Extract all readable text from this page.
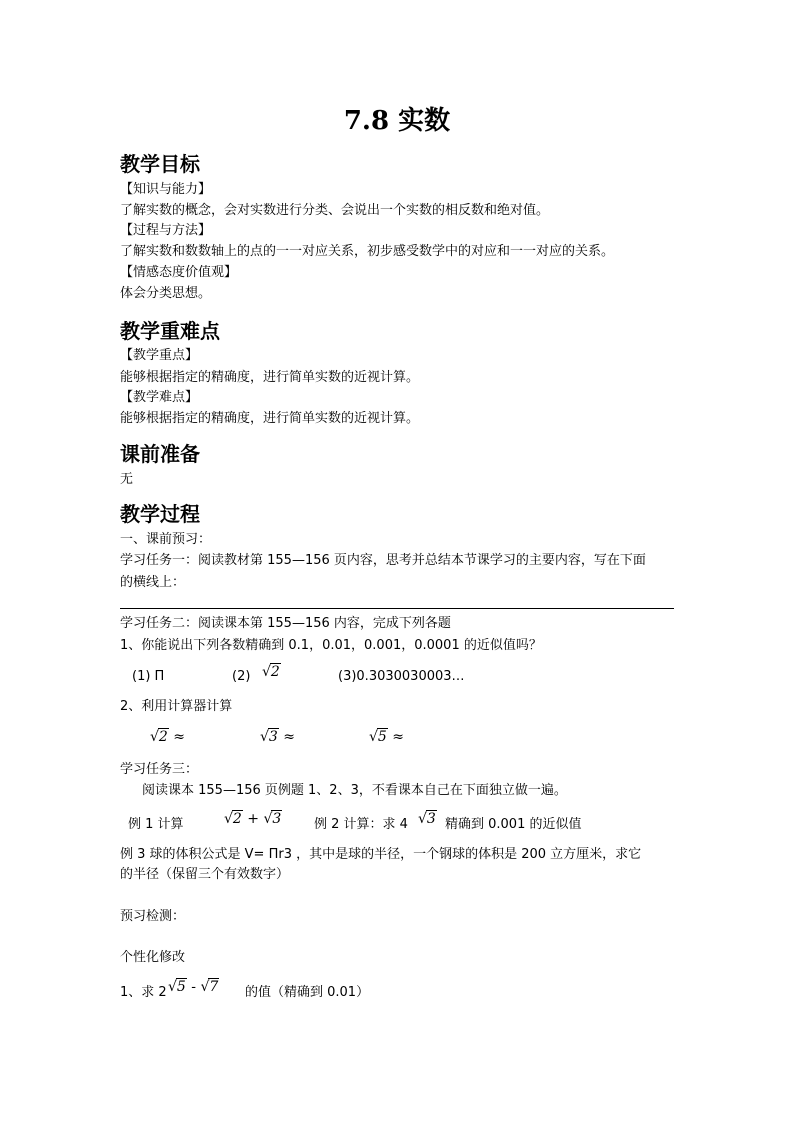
7.8 实数
教学目标
【知识与能力】
了解实数的概念，会对实数进行分类、会说出一个实数的相反数和绝对值。
【过程与方法】
了解实数和数数轴上的点的一一对应关系，初步感受数学中的对应和一一对应的关系。
【情感态度价值观】
体会分类思想。
教学重难点
【教学重点】
能够根据指定的精确度，进行简单实数的近视计算。
【教学难点】
能够根据指定的精确度，进行简单实数的近视计算。
课前准备
无
教学过程
一、课前预习：
学习任务一：阅读教材第 155—156 页内容，思考并总结本节课学习的主要内容，写在下面
的横线上：
学习任务二：阅读课本第 155—156 内容，完成下列各题
1、你能说出下列各数精确到 0.1，0.01，0.001，0.0001 的近似值吗？
(1) Π	(2) √2	(3)0.3030030003…
2、利用计算器计算
√2 ≈	√3 ≈	√5 ≈
学习任务三：
阅读课本 155—156 页例题 1、2、3，不看课本自己在下面独立做一遍。
例 1 计算	√2 + √3	例 2 计算：求 4 √3 精确到 0.001 的近似值
例 3 球的体积公式是 V= Πr3 ，其中是球的半径，一个钢球的体积是 200 立方厘米，求它
的半径（保留三个有效数字）
预习检测：
个性化修改
1、求 2 √5 - √7 的值（精确到 0.01）
